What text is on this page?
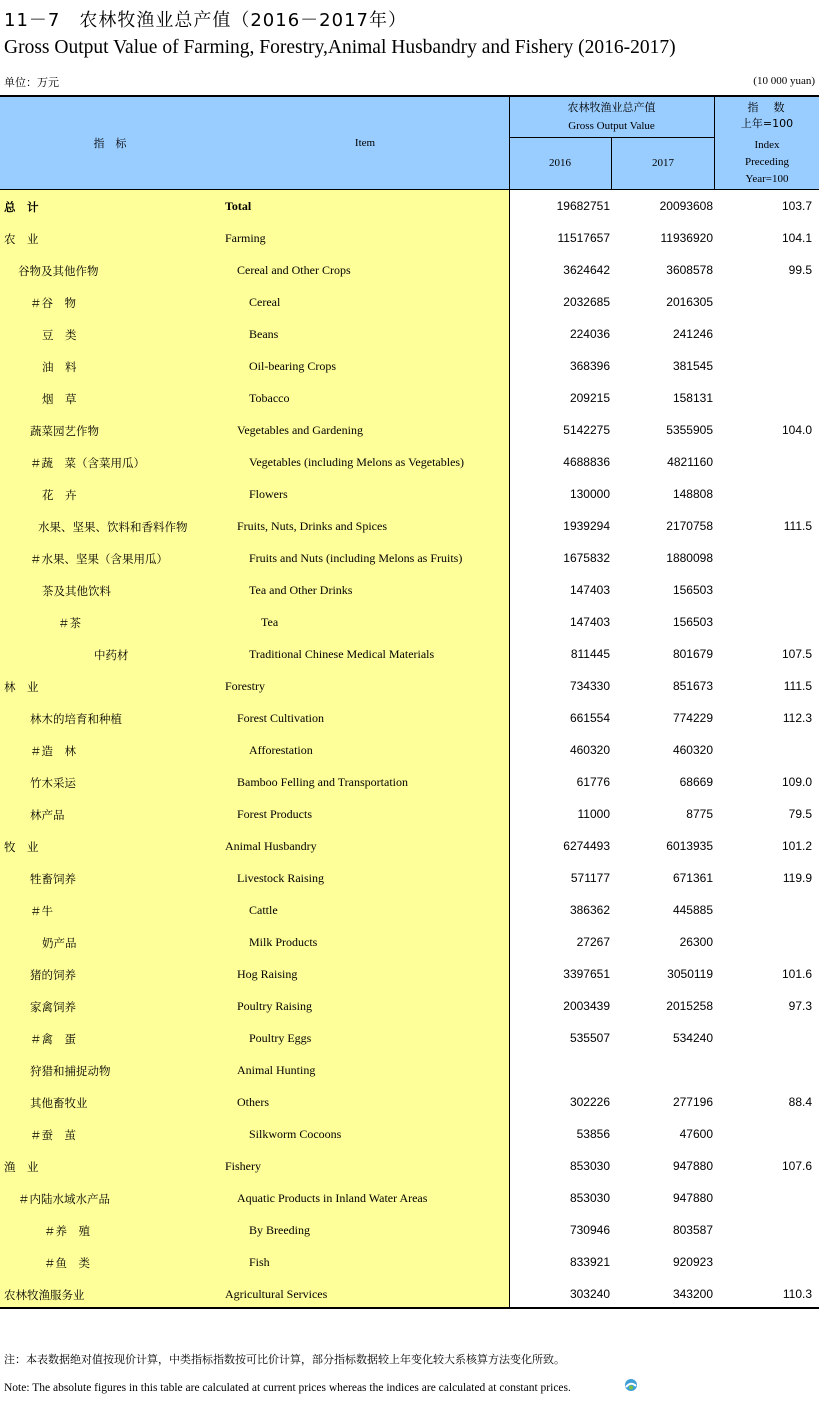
11－7　农林牧渔业总产值（2016－2017年）
Gross Output Value of Farming, Forestry,Animal Husbandry and Fishery (2016-2017)
单位：万元	(10 000 yuan)
指　标	Item
农林牧渔业总产值
Gross Output Value
2016	2017
指　数
上年=100
Index
Preceding
Year=100
总　计	Total	19682751	20093608	103.7
农　业	Farming	11517657	11936920	104.1
谷物及其他作物	Cereal and Other Crops	3624642	3608578	99.5
＃谷　物	Cereal	2032685	2016305
豆　类	Beans	224036	241246
油　料	Oil-bearing Crops	368396	381545
烟　草	Tobacco	209215	158131
蔬菜园艺作物	Vegetables and Gardening	5142275	5355905	104.0
＃蔬　菜（含菜用瓜）	Vegetables (including Melons as Vegetables)	4688836	4821160
花　卉	Flowers	130000	148808
水果、坚果、饮料和香料作物	Fruits, Nuts, Drinks and Spices	1939294	2170758	111.5
＃水果、坚果（含果用瓜）	Fruits and Nuts (including Melons as Fruits)	1675832	1880098
茶及其他饮料	Tea and Other Drinks	147403	156503
＃茶	Tea	147403	156503
中药材	Traditional Chinese Medical Materials	811445	801679	107.5
林　业	Forestry	734330	851673	111.5
林木的培育和种植	Forest Cultivation	661554	774229	112.3
＃造　林	Afforestation	460320	460320
竹木采运	Bamboo Felling and Transportation	61776	68669	109.0
林产品	Forest Products	11000	8775	79.5
牧　业	Animal Husbandry	6274493	6013935	101.2
牲畜饲养	Livestock Raising	571177	671361	119.9
＃牛	Cattle	386362	445885
奶产品	Milk Products	27267	26300
猪的饲养	Hog Raising	3397651	3050119	101.6
家禽饲养	Poultry Raising	2003439	2015258	97.3
＃禽　蛋	Poultry Eggs	535507	534240
狩猎和捕捉动物	Animal Hunting
其他畜牧业	Others	302226	277196	88.4
＃蚕　茧	Silkworm Cocoons	53856	47600
渔　业	Fishery	853030	947880	107.6
＃内陆水域水产品	Aquatic Products in Inland Water Areas	853030	947880
＃养　殖	By Breeding	730946	803587
＃鱼　类	Fish	833921	920923
农林牧渔服务业	Agricultural Services	303240	343200	110.3
注：本表数据绝对值按现价计算，中类指标指数按可比价计算，部分指标数据较上年变化较大系核算方法变化所致。
Note: The absolute figures in this table are calculated at current prices whereas the indices are calculated at constant prices.
